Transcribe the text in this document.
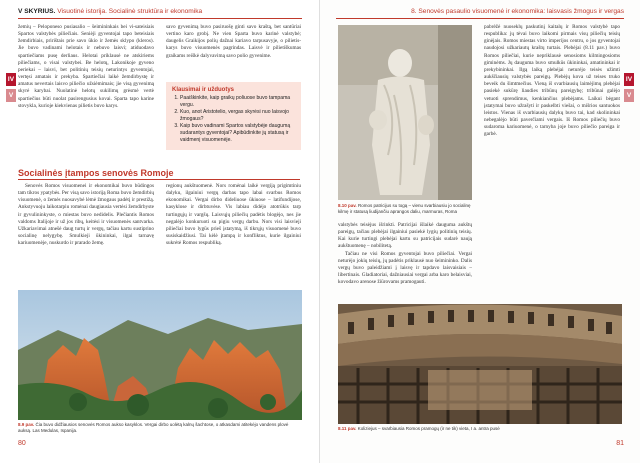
V SKYRIUS. Visuotinė istorija. Socialinė struktūra ir ekonomika
IV
V

žemių – Peloponeso pusiasalio – šeimininkais bei vi-sateisiais Spartos valstybės piliečiais. Seniėji gyventojai tapo beteisiais žemdirbiais, pririštais prie savo ūkio ir žemės sklypo (kleros). Jie buvo vadinami helotais ir nebuvo laisvi; atiduodavo spartiečiams pusę derliaus. Helotai priklausė ne atskiriems piliečiams, o visai valstybei. Be helotų, Lakonikoje gyveno periekai – laisvi, bet politinių teisių neturintys gyventojai, vertęsi amatais ir prekyba. Spartiečiai laikė žemdirbystę ir amatus nevertais laisvo piliečio užsiėmimais; jie visą gyvenimą skyrė karybai. Nuolatinė helotų sukilimų grėsmė vertė spartiečius būti nuolat pasirengusius kovai. Sparta tapo karine stovykla, kurioje kiekvienas pilietis buvo karys.

savo gyvenimą buvo pasiruošę ginti savo kraštą, bet santūriai vertino karo grobį. Ne vien Sparta buvo karinė valstybė; daugelis Graikijos polių dažnai kariavo tarpusavyje, o pilietis-karys buvo visuomenės pagrindas. Laisvė ir pilietiškumas graikams reiškė dalyvavimą savo polio gyvenime.

Klausimai ir užduotys
1. Paaiškinkite, kaip graikų poliuose buvo tampama vergu.
2. Kuo, anot Aristotelio, vergas skyrėsi nuo laisvojo žmogaus?
3. Kaip buvo vadinami Spartos valstybėje daugumą sudarantys gyventojai? Apibūdinkite jų statusą ir vaidmenį visuomenėje.
Socialinės įtampos senovės Romoje

Senovės Romos visuomenei ir ekonomikai buvo būdingos tam tikros ypatybės. Per visą savo istoriją Roma buvo žemdirbių visuomenė, o žemės nuosavybė lėmė žmogaus padėtį ir prestižą. Ankstyvuoju laikotarpiu romėnai daugiausia vertėsi žemdirbyste ir gyvulininkyste, o miestas buvo nedidelis. Plečiantis Romos valdoms Italijoje ir už jos ribų, keitėsi ir visuomenės santvarka. Užkariavimai atnešė daug turtų ir vergų, tačiau kartu sustiprino socialinę nelygybę. Smulkieji ūkininkai, ilgai tarnavę kariuomenėje, nuskurdo ir prarado žemę.

regionų aukštuomenė. Nors romėnai laikė vergiją prigimtiniu dalyku, ilgainiui vergų darbas tapo labai svarbus Romos ekonomikai. Vergai dirbo dideliuose ūkiuose – latifundijose, kasyklose ir dirbtuvėse. Vis labiau didėjo atotrūkis tarp turtingųjų ir vargšų. Laisvųjų piliečių padėtis blogėjo, nes jie negalėjo konkuruoti su pigiu vergų darbu. Nors visi laisvieji piliečiai buvo lygūs prieš įstatymą, iš tikrųjų visuomenė buvo susiskaidžiusi. Tai kėlė įtampą ir konfliktus, kurie ilgainiui sukrėtė Romos respubliką.

8.9 pav. Čia buvo didžiausios senovės Romos aukso kasyklos. Vergai dirbo uolėtą kalnų šachtose, o atkasdami atitekėjo vandens plovė auksą. Las Medulas, Ispanija.
80
8. Senovės pasaulio visuomenė ir ekonomika: laisvasis žmogus ir vergas
IV
V
8.10 pav. Romos patricijus su togą – vienu svarbiausiu jo socialinę kilmę ir statusą liudijančiu aprangos daliu, marmuras, Roma

valstybės teisėjus išrinkti. Patricijai išlaikė dauguma aukštų pareigų, tačiau plebėjai ilgainiui pasiekė lygių politinių teisių. Kai kurie turtingi plebėjai kartu su patricijais sudarė naują aukštuomenę – nobilitetą.

Tačiau ne visi Romos gyventojai buvo piliečiai. Vergai neturėjo jokių teisių, jų padėtis priklausė nuo šeimininko. Dalis vergų buvo paleidžiami į laisvę ir tapdavo laisvaisiais – libertinais. Gladiatoriai, dažniausiai vergai arba karo belaisviai, kovodavo arenose žiūrovams pramogauti.

pabrėžė nuoseklų paskutinį kaitalų ir Romos valstybė tapo respublika: jų tėvai buvo laikomi pirmais visų piliečių teisių ginėjais. Romos miestas virto imperijos centru, o jos gyventojai naudojosi užkariautų kraštų turtais. Plebėjai (8.11 pav.) buvo Romos piliečiai, kurie nepriklausė senosioms kilmingosioms giminėms. Jų dauguma buvo smulkūs ūkininkai, amatininkai ir prekybininkai. Ilgą laiką plebėjai neturėjo teisės užimti aukščiausių valstybės pareigų. Plebėjų kova už teises truko beveik du šimtmečius. Vieną iš svarbiausių laimėjimų plebėjai pasiekė sukūrę liaudies tribūnų pareigybę; tribūnai galėjo vetuoti sprendimus, kenkiančius plebėjams. Laikui bėgant įstatymai buvo užrašyti ir paskelbti viešai, o mišrios santuokos leistos. Vienas iš svarbiausių dalykų buvo tai, kad skolininkai nebegalėjo būti paverčiami vergais. Iš Romos piliečių buvo sudaroma kariuomenė, o tarnyba joje buvo piliečio pareiga ir garbė.

8.11 pav. Koliziejus – svarbiausia Romos pramogų (ir ne tik) vieta, I a. antra pusė
81
